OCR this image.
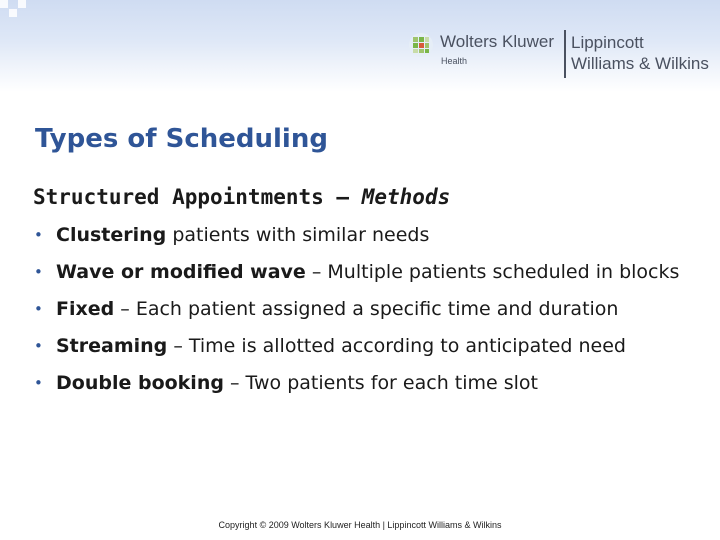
Wolters Kluwer
Health
Lippincott
Williams & Wilkins
Types of Scheduling
Structured Appointments – Methods
• Clustering patients with similar needs
• Wave or modified wave – Multiple patients scheduled in blocks
• Fixed – Each patient assigned a specific time and duration
• Streaming – Time is allotted according to anticipated need
• Double booking – Two patients for each time slot
Copyright © 2009 Wolters Kluwer Health | Lippincott Williams & Wilkins
